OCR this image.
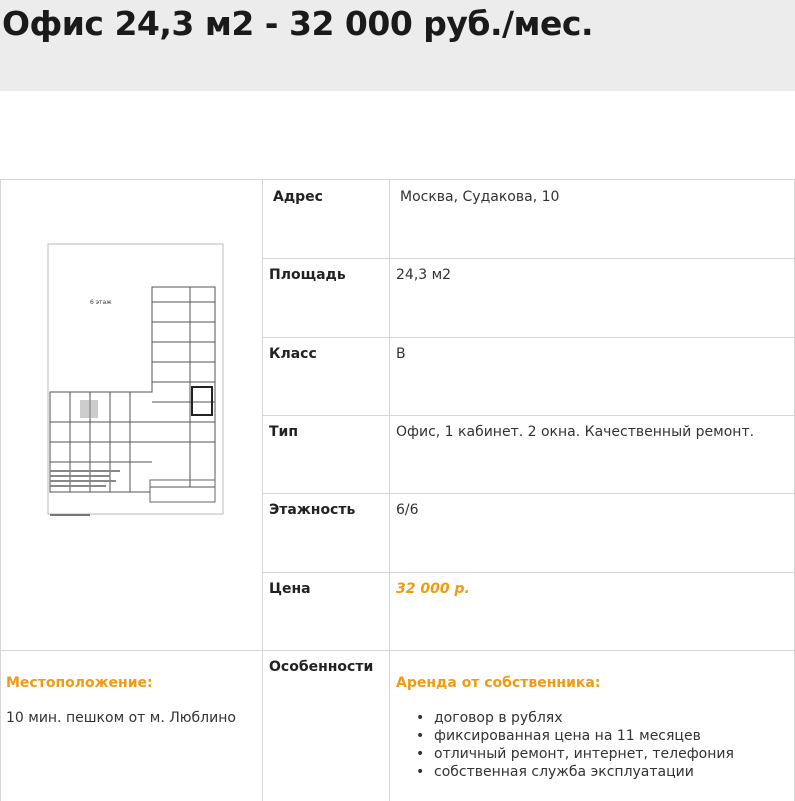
Офис 24,3 м2 - 32 000 руб./мес.
6 этаж
Адрес	Москва, Судакова, 10
Площадь	24,3 м2
Класс	B
Тип	Офис, 1 кабинет. 2 окна. Качественный ремонт.
Этажность	6/6
Цена	32 000 р.
Местоположение:
10 мин. пешком от м. Люблино
Особенности
Аренда от собственника:
• договор в рублях
• фиксированная цена на 11 месяцев
• отличный ремонт, интернет, телефония
• собственная служба эксплуатации
